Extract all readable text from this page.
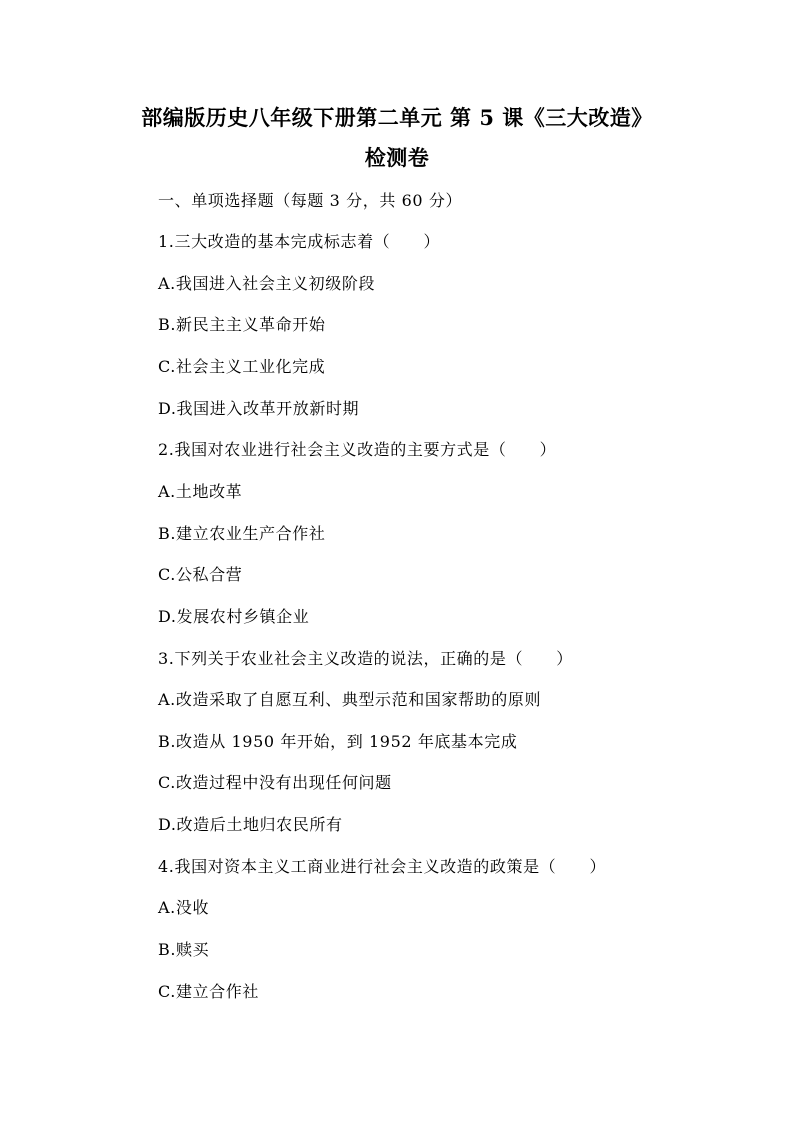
部编版历史八年级下册第二单元 第 5 课《三大改造》
检测卷
一、单项选择题（每题 3 分，共 60 分）
1.三大改造的基本完成标志着（　　）
A.我国进入社会主义初级阶段
B.新民主主义革命开始
C.社会主义工业化完成
D.我国进入改革开放新时期
2.我国对农业进行社会主义改造的主要方式是（　　）
A.土地改革
B.建立农业生产合作社
C.公私合营
D.发展农村乡镇企业
3.下列关于农业社会主义改造的说法，正确的是（　　）
A.改造采取了自愿互利、典型示范和国家帮助的原则
B.改造从 1950 年开始，到 1952 年底基本完成
C.改造过程中没有出现任何问题
D.改造后土地归农民所有
4.我国对资本主义工商业进行社会主义改造的政策是（　　）
A.没收
B.赎买
C.建立合作社
